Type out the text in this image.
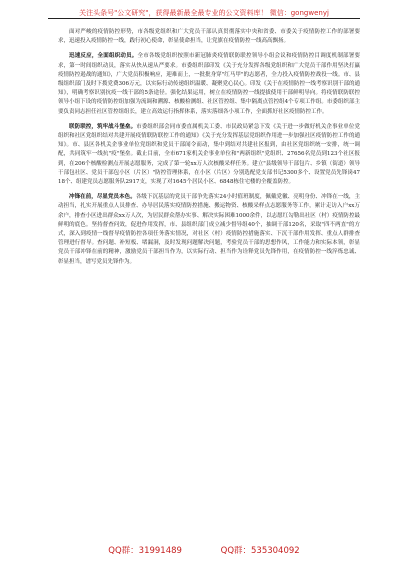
关注头条号"公文研究"，获得最新最全最专业的公文资料库！ 微信：gongwenyj

面对严峻的疫情防控形势，市各级党组织和广大党员干部认真贯彻落实中央和省委、市委关于疫情防控工作的部署要求，迅速投入疫情防控一线，践行初心使命，彰显使命担当，让党旗在疫情防控一线高高飘扬。

迅速反应，全面组织动员。全市各级党组织按照市新冠肺炎疫情联防联控领导小组会议和疫情防控目调度机制部署要求，第一时间组织动员，落实从快从速从严要求。市委组织部印发《关于充分发挥各级党组织和广大党员干部作用坚决打赢疫情防控遏战的通知》，广大党员积极响应，迎难而上，一批批身穿"红马甲"的志愿者，全力投入疫情防控战役一线。市、县级组织部门及时下拨党费306万元，以实际行动传递组织温暖、凝聚党心民心。印发《关于在疫情防控一线考察识别干部的通知》，明确考察识别抗疫一线干部的5条途径。强化结果运用，树立在疫情防控一线提拔使用干部鲜明导向。将疫情联防联控领导小组下设的疫情防控组加强为流调和溯源、核酸检测组、社区管控组、集中隔离点管控组4个专项工作组。市委组织部主要负责同志担任社区管控组组长，建立高效运行指挥体系，落实落细各小项工作，全面抓好社区疫情防控工作。

联防联控，筑牢战斗堡垒。市委组织部会同市委直属机关工委、市民政局紧急下发《关于进一步做好机关企事业单位党组织和社区党组织结对共建开展疫情联防联控工作的通知》《关于充分发挥基层党组织作用进一步加强社区疫情防控工作的通知》。市、县区各机关企事业单位党组织和党员干部闻令而动，集中到结对共建社区报到，由社区党组织统一安排，统一调配，共同筑牢一线抗"疫"堡垒。截止目前，全市671家机关企事业单位和"两新组织"党组织、27656名党员到123个社区报到，在206个核酸检测点开展志愿服务，完成了第一轮xx万人次核酸采样任务。建立"县级领导干部包片、乡镇（街道）领导干部包社区、党员干部包小区（片区）"防控管理体系，在小区（片区）分别选配党支部书记5300多个、设置党员先锋岗4718个、组建党员志愿服务队2917支，实现了对1645个居民小区、6848栋住宅楼的全覆盖防控。

冲锋在前，尽显党员本色。各级下沉基层的党员干部争先落实24小时值班制度，佩戴党徽、亮明身份、冲锋在一线，主动担当，扎实开展重点人员排查、办导居民落实疫情防控措施、搬运物资、核酸采样点志愿服务等工作，累计走访入户xx万余户，排查小区进出群众xx万人次，为居民群众帮办实事、解决实际困难1000余件，以志愿红勾勒出社区（村）疫情防控最鲜明的底色。坚持督查问效，促进作用发挥，市、县组织部门成立减少督导组40个，抽调干部120名，采取"四不两直"的方式，深入到疫情一线督导疫情防控各项任务落实情况，对社区（村）疫情防控措施落实、下沉干部作用发挥、重点人群排查管理进行督导。查问题、补短板、堵漏洞，及时发现问题解决问题，考验党员干部的思想作风，工作能力和实际本领，彰显党员干部冲锋在前的精神，激励党员干部担当作为，以实际行动、担当作为诠释党员先锋作用，在疫情防控一线淬炼忠诚、彰显担当，谱写党员先锋作为。

QQ群：31991489	QQ群：535304092
